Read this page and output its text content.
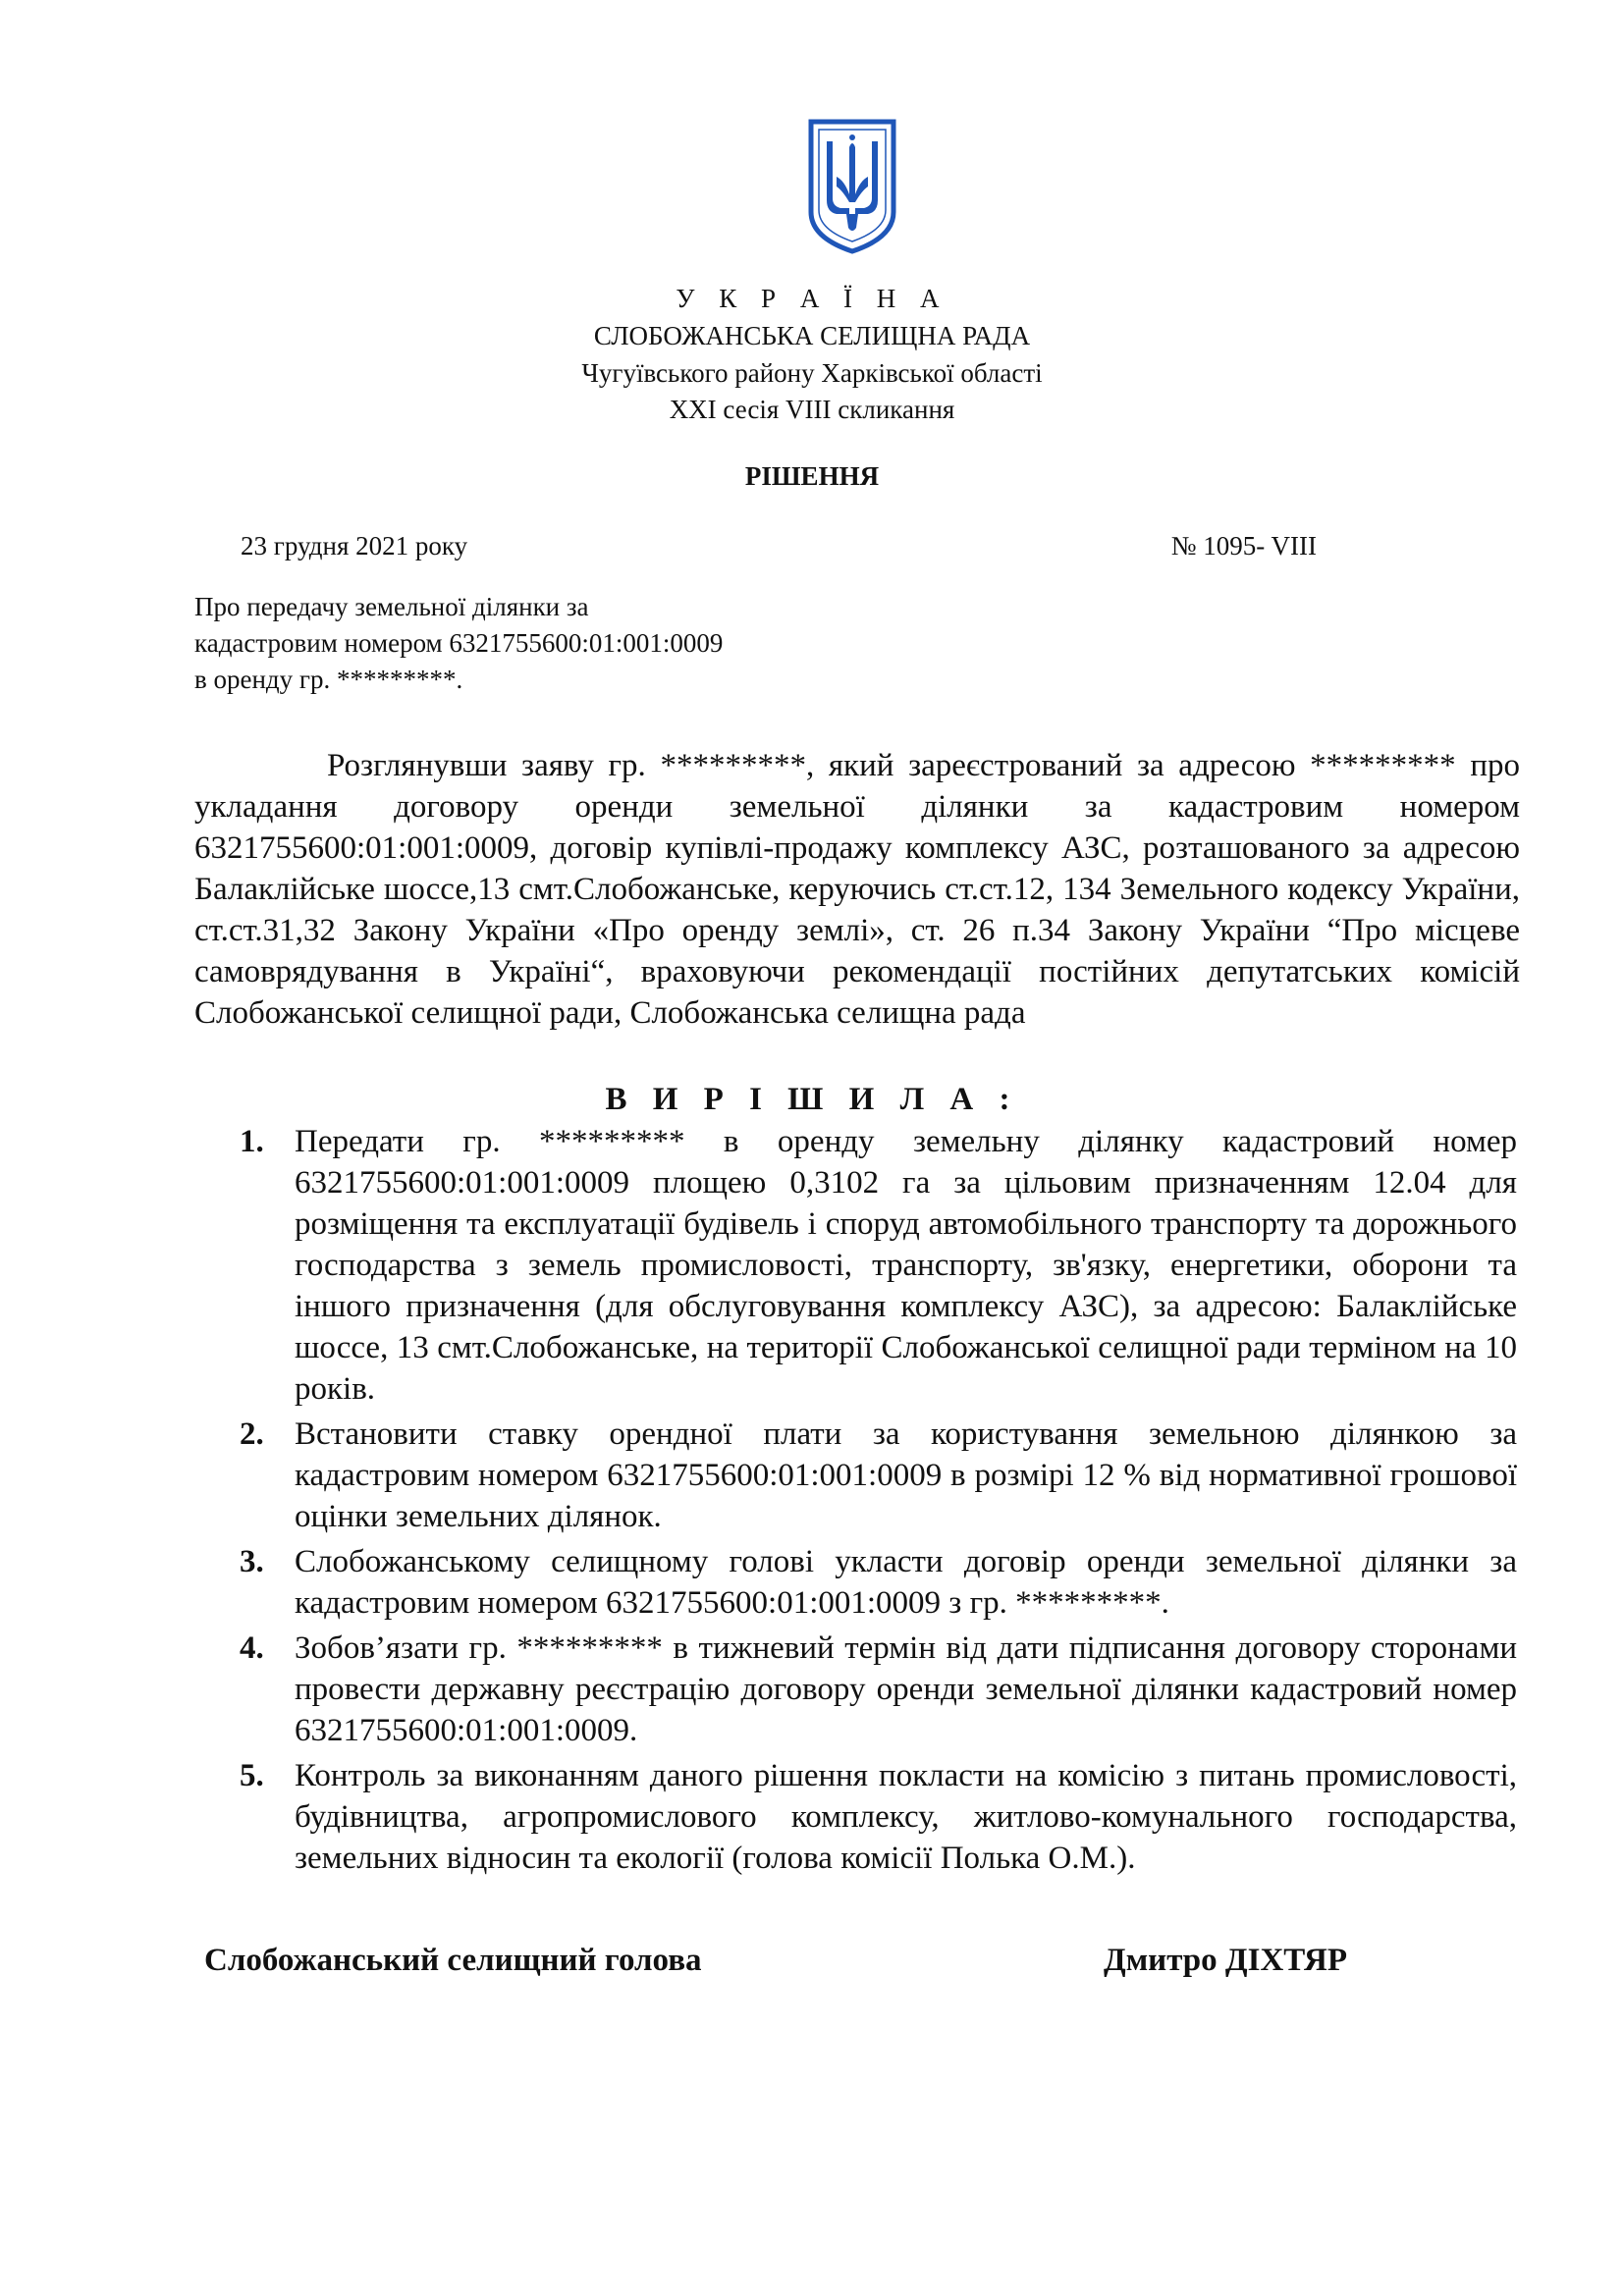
У К Р А Ї Н А
СЛОБОЖАНСЬКА СЕЛИЩНА РАДА
Чугуївського району Харківської області
XXI сесія VIII скликання
РІШЕННЯ
23 грудня 2021 року	№ 1095- VIII
Про передачу земельної ділянки за
кадастровим номером 6321755600:01:001:0009
в оренду гр. *********.
Розглянувши заяву гр. *********, який зареєстрований за адресою ********* про укладання договору оренди земельної ділянки за кадастровим номером 6321755600:01:001:0009, договір купівлі-продажу комплексу АЗС, розташованого за адресою Балаклійське шоссе,13 смт.Слобожанське, керуючись ст.ст.12, 134 Земельного кодексу України, ст.ст.31,32 Закону України «Про оренду землі», ст. 26 п.34 Закону України “Про місцеве самоврядування в Україні“, враховуючи рекомендації постійних депутатських комісій Слобожанської селищної ради, Слобожанська селищна рада
В И Р І Ш И Л А :
1. Передати гр. ********* в оренду земельну ділянку кадастровий номер 6321755600:01:001:0009 площею 0,3102 га за цільовим призначенням 12.04 для розміщення та експлуатації будівель і споруд автомобільного транспорту та дорожнього господарства з земель промисловості, транспорту, зв'язку, енергетики, оборони та іншого призначення (для обслуговування комплексу АЗС), за адресою: Балаклійське шоссе, 13 смт.Слобожанське, на території Слобожанської селищної ради терміном на 10 років.
2. Встановити ставку орендної плати за користування земельною ділянкою за кадастровим номером 6321755600:01:001:0009 в розмірі 12 % від нормативної грошової оцінки земельних ділянок.
3. Слобожанському селищному голові укласти договір оренди земельної ділянки за кадастровим номером 6321755600:01:001:0009 з гр. *********.
4. Зобов’язати гр. ********* в тижневий термін від дати підписання договору сторонами провести державну реєстрацію договору оренди земельної ділянки кадастровий номер 6321755600:01:001:0009.
5. Контроль за виконанням даного рішення покласти на комісію з питань промисловості, будівництва, агропромислового комплексу, житлово-комунального господарства, земельних відносин та екології (голова комісії Полька О.М.).
Слобожанський селищний голова	Дмитро ДІХТЯР
